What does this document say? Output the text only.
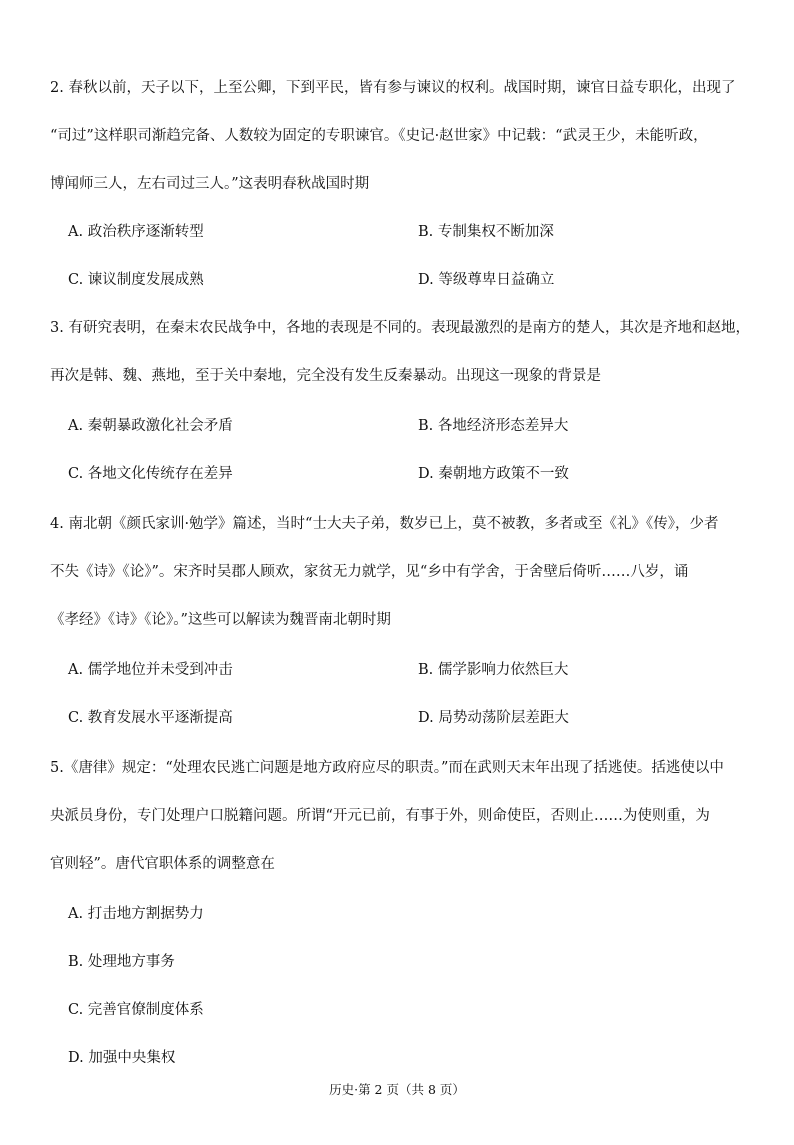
2. 春秋以前，天子以下，上至公卿，下到平民，皆有参与谏议的权利。战国时期，谏官日益专职化，出现了
“司过”这样职司渐趋完备、人数较为固定的专职谏官。《史记·赵世家》中记载：“武灵王少，未能听政，
博闻师三人，左右司过三人。”这表明春秋战国时期
A. 政治秩序逐渐转型	B. 专制集权不断加深
C. 谏议制度发展成熟	D. 等级尊卑日益确立
3. 有研究表明，在秦末农民战争中，各地的表现是不同的。表现最激烈的是南方的楚人，其次是齐地和赵地，
再次是韩、魏、燕地，至于关中秦地，完全没有发生反秦暴动。出现这一现象的背景是
A. 秦朝暴政激化社会矛盾	B. 各地经济形态差异大
C. 各地文化传统存在差异	D. 秦朝地方政策不一致
4. 南北朝《颜氏家训·勉学》篇述，当时“士大夫子弟，数岁已上，莫不被教，多者或至《礼》《传》，少者
不失《诗》《论》”。宋齐时吴郡人顾欢，家贫无力就学，见“乡中有学舍，于舍壁后倚听……八岁，诵
《孝经》《诗》《论》。”这些可以解读为魏晋南北朝时期
A. 儒学地位并未受到冲击	B. 儒学影响力依然巨大
C. 教育发展水平逐渐提高	D. 局势动荡阶层差距大
5.《唐律》规定：“处理农民逃亡问题是地方政府应尽的职责。”而在武则天末年出现了括逃使。括逃使以中
央派员身份，专门处理户口脱籍问题。所谓“开元已前，有事于外，则命使臣，否则止……为使则重，为
官则轻”。唐代官职体系的调整意在
A. 打击地方割据势力
B. 处理地方事务
C. 完善官僚制度体系
D. 加强中央集权
历史·第 2 页（共 8 页）
